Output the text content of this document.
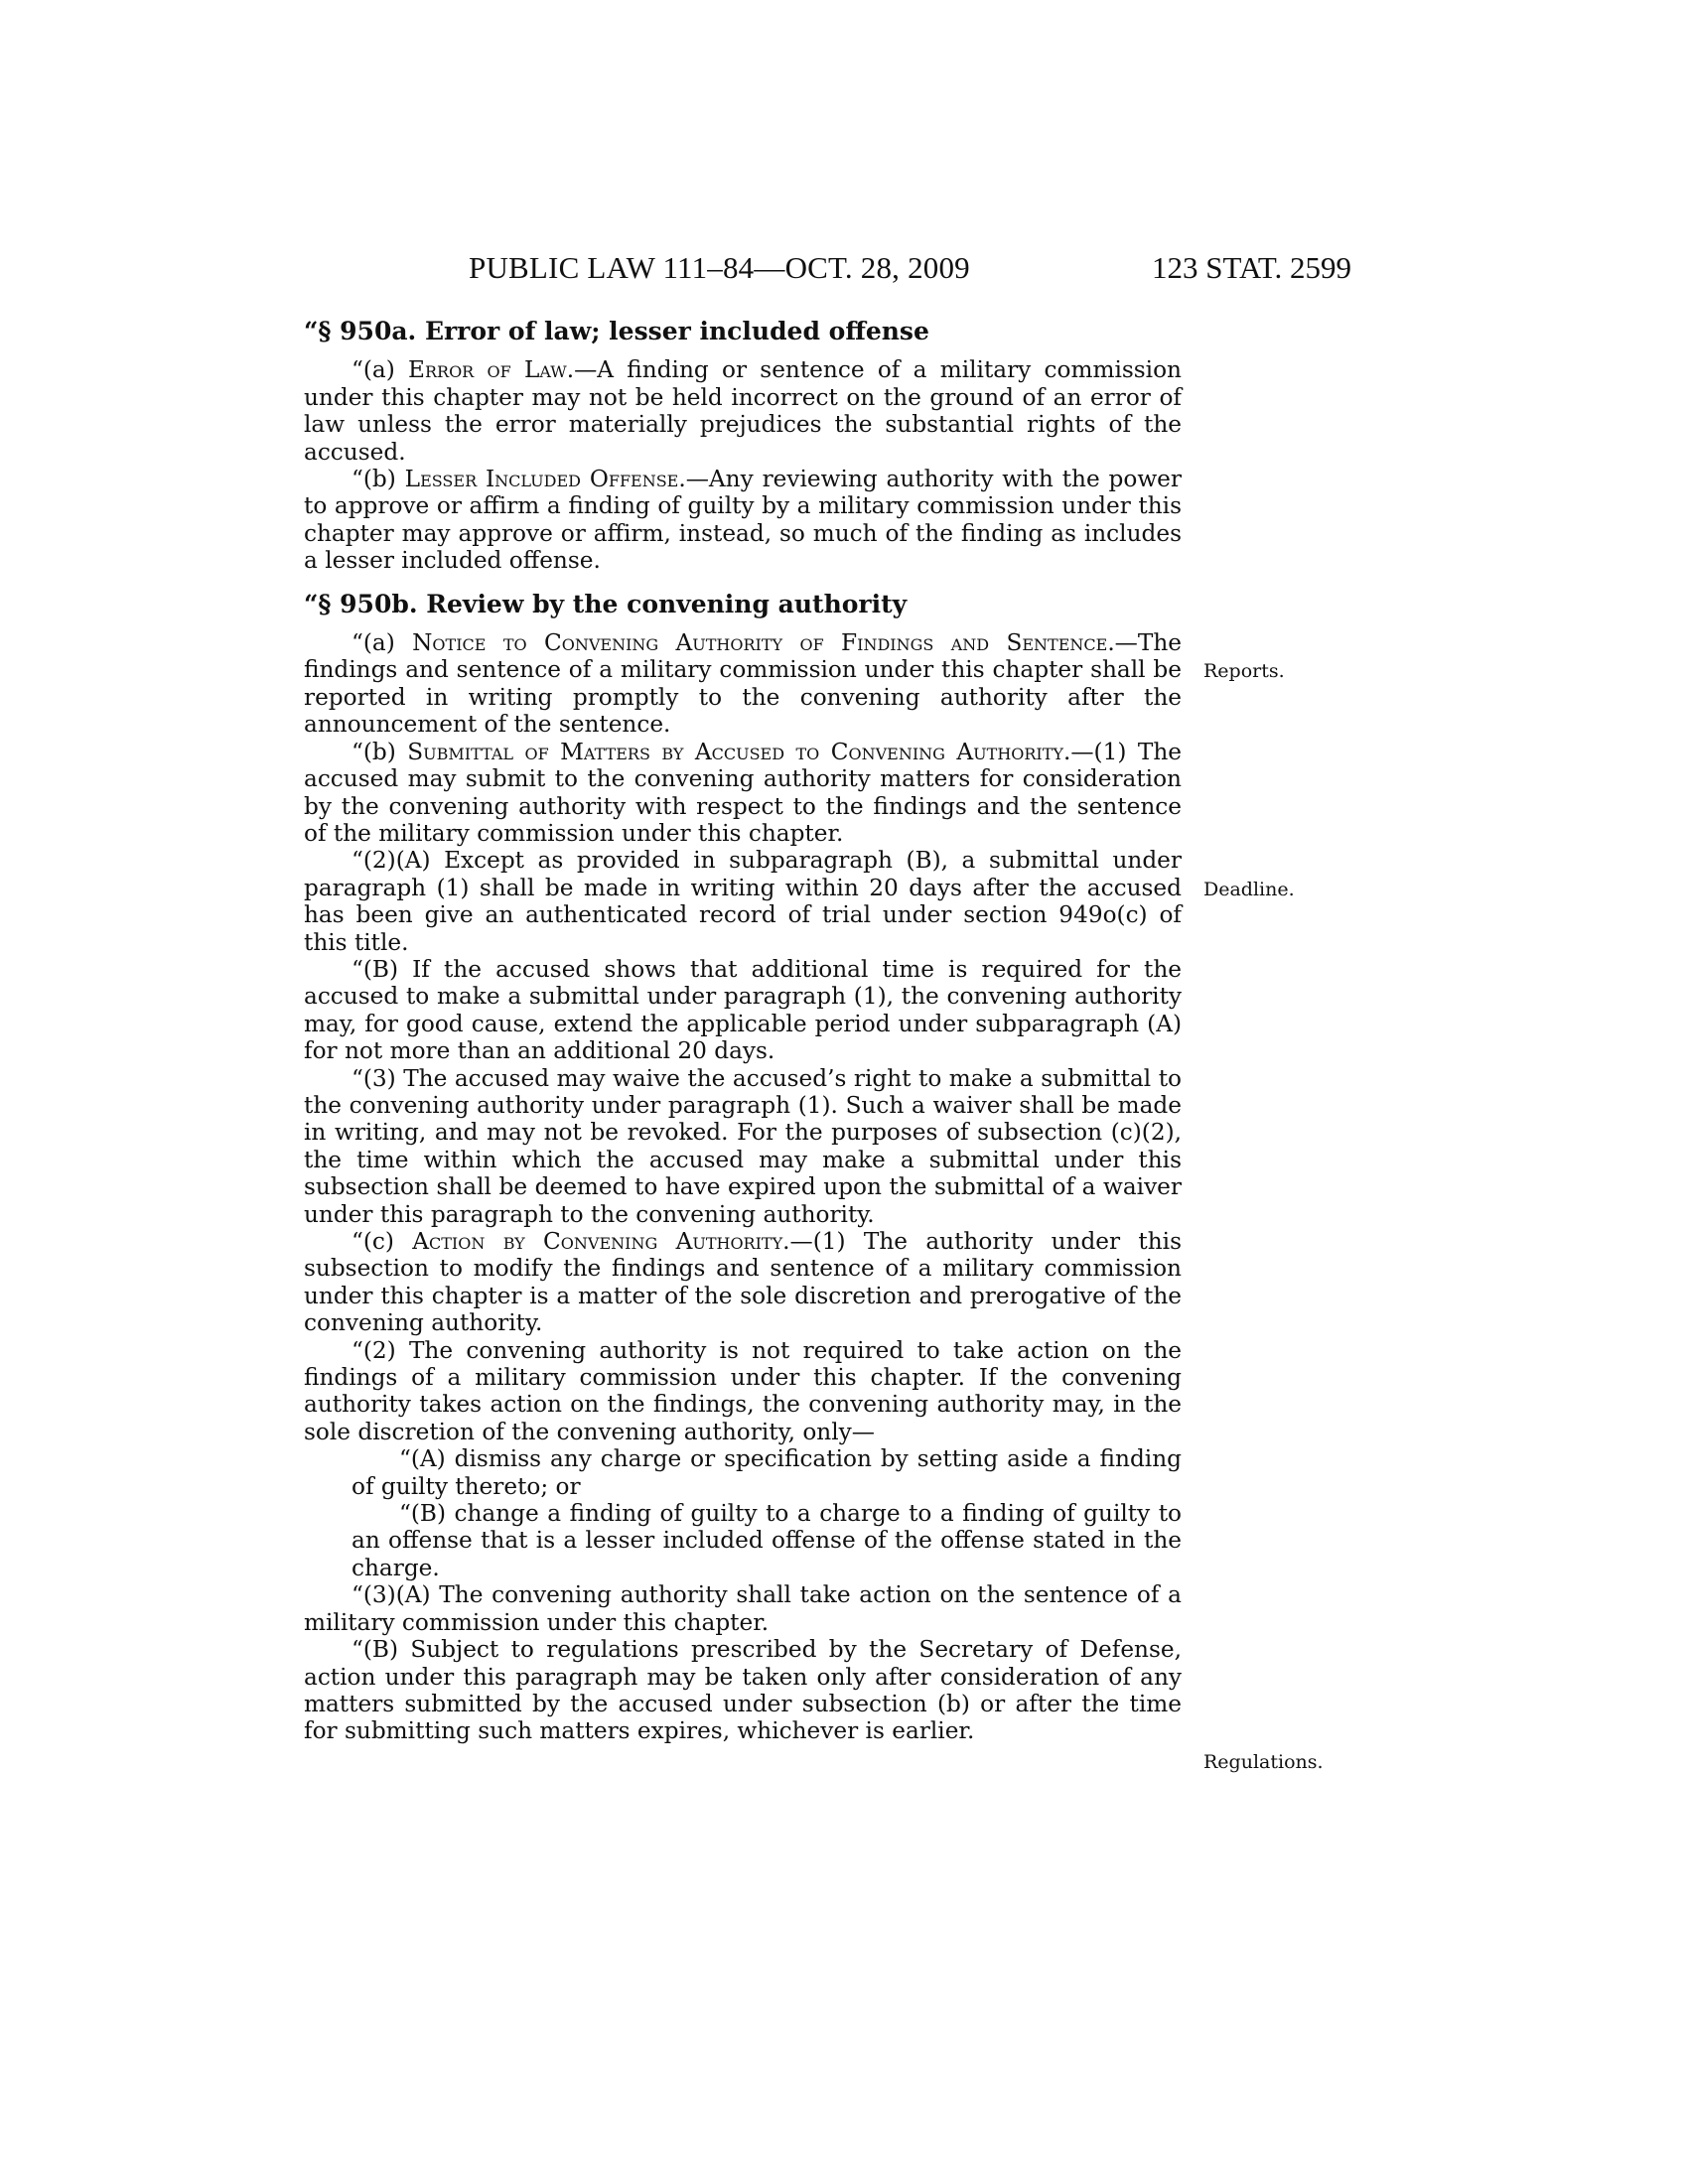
PUBLIC LAW 111–84—OCT. 28, 2009	123 STAT. 2599
“§ 950a. Error of law; lesser included offense

“(a) Error of Law.—A finding or sentence of a military commission under this chapter may not be held incorrect on the ground of an error of law unless the error materially prejudices the substantial rights of the accused.

“(b) Lesser Included Offense.—Any reviewing authority with the power to approve or affirm a finding of guilty by a military commission under this chapter may approve or affirm, instead, so much of the finding as includes a lesser included offense.

“§ 950b. Review by the convening authority

“(a) Notice to Convening Authority of Findings and Sentence.—The findings and sentence of a military commission under this chapter shall be reported in writing promptly to the convening authority after the announcement of the sentence.

“(b) Submittal of Matters by Accused to Convening Authority.—(1) The accused may submit to the convening authority matters for consideration by the convening authority with respect to the findings and the sentence of the military commission under this chapter.

“(2)(A) Except as provided in subparagraph (B), a submittal under paragraph (1) shall be made in writing within 20 days after the accused has been give an authenticated record of trial under section 949o(c) of this title.

“(B) If the accused shows that additional time is required for the accused to make a submittal under paragraph (1), the convening authority may, for good cause, extend the applicable period under subparagraph (A) for not more than an additional 20 days.

“(3) The accused may waive the accused’s right to make a submittal to the convening authority under paragraph (1). Such a waiver shall be made in writing, and may not be revoked. For the purposes of subsection (c)(2), the time within which the accused may make a submittal under this subsection shall be deemed to have expired upon the submittal of a waiver under this paragraph to the convening authority.

“(c) Action by Convening Authority.—(1) The authority under this subsection to modify the findings and sentence of a military commission under this chapter is a matter of the sole discretion and prerogative of the convening authority.

“(2) The convening authority is not required to take action on the findings of a military commission under this chapter. If the convening authority takes action on the findings, the convening authority may, in the sole discretion of the convening authority, only—

“(A) dismiss any charge or specification by setting aside a finding of guilty thereto; or

“(B) change a finding of guilty to a charge to a finding of guilty to an offense that is a lesser included offense of the offense stated in the charge.

“(3)(A) The convening authority shall take action on the sentence of a military commission under this chapter.

“(B) Subject to regulations prescribed by the Secretary of Defense, action under this paragraph may be taken only after consideration of any matters submitted by the accused under subsection (b) or after the time for submitting such matters expires, whichever is earlier.

Reports.
Deadline.
Regulations.
